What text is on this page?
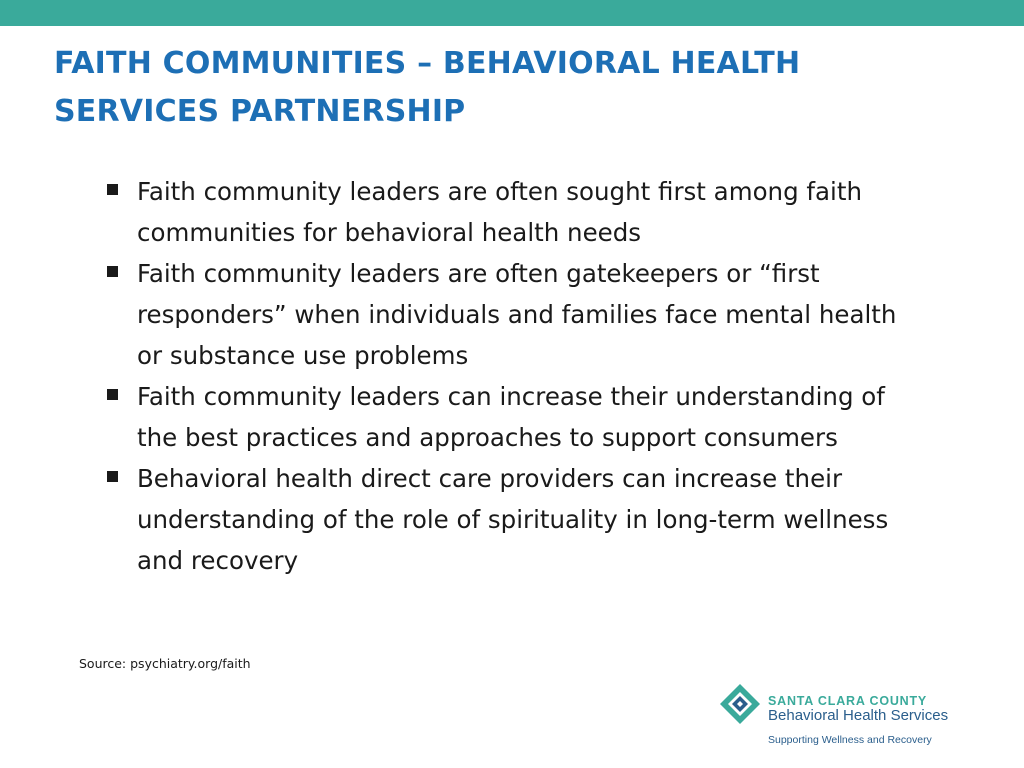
FAITH COMMUNITIES – BEHAVIORAL HEALTH
SERVICES PARTNERSHIP
Faith community leaders are often sought first among faith
communities for behavioral health needs
Faith community leaders are often gatekeepers or “first
responders” when individuals and families face mental health
or substance use problems
Faith community leaders can increase their understanding of
the best practices and approaches to support consumers
Behavioral health direct care providers can increase their
understanding of the role of spirituality in long-term wellness
and recovery
Source: psychiatry.org/faith
SANTA CLARA COUNTY
Behavioral Health Services
Supporting Wellness and Recovery
